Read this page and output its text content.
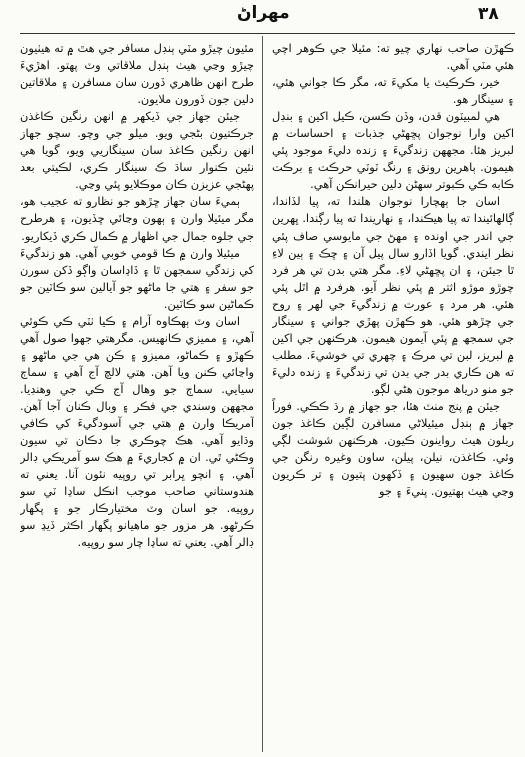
٣٨
مهراڻ

ڪهڙن صاحب نهاري چيو ته: مئيلا جي ڪوهر اچي هئي مٽي آهي.

خير، ڪرڪيٽ يا مکيءَ ته، مگر ڪا جواني هئي، ۽ سينگار هو.

هي لمبيٽون قدن، وڏن ڪسن، ڪيل اکين ۽ بنڊل اکين وارا نوجوان پڇهڻي جذبات ۽ احساسات ۾ لبريز هئا. مجھهن زندگيءَ ۽ زنده دليءَ موجود پئي ھيمون. ٻاهرين رونق ۽ رنگ ٽوٽي حرڪت ۽ برڪت ڪابه ڪي ڪبوتر سهڻن دلين حيرانڪن آهي.

اسان جا ٻهچارا نوجوان هلندا ته، پيا لڏاندا، ڳالهائيندا ته پيا هيڪندا، ۽ نهاريندا ته پيا رڳندا. ڀهرين جي اندر جي اونده ۽ مهڻ جي مايوسي صاف پئي نظر ايندي. گويا اڏارو سال پيل آن ۽ ڇڪ ۽ ٻين لاءِ ٿا جيئن، ۽ ان پڇهڻي لاءِ. مگر هتي بدن تي هر فرد چوڙو موڙو اثتر ۾ پئي نظر آيو. هرفرد ۾ اٿل پئي هئي. هر مرد ۽ عورت ۾ زندگيءَ جي لهر ۽ روح جي چڙهو هئي. هو ڪهڙن پهڙي جواني ۽ سينگار جي سمجھ ۾ پئي آيمون هيمون. هرڪنهن جي اکين ۾ لبريز، لبن تي مرڪ ۽ چهري تي خوشيءَ. مطلب ته هن ڪاري بدر جي بدن تي زندگيءَ ۽ زنده دليءَ جو منو درياھ موجون هڻي لڳو.

جيئن ۾ پنج منٽ هئا، جو جهاز ۾ رڌ ڪڪي. فوراً جهاز ۾ ٻنڊل ميئيلاڻي مسافرن لڳين ڪاغذ جون ريلون هيٺ رواينون ڪيون. هرڪنهن شوشت لڳي وئي. ڪاغذن، نيلن، پيلن، ساون وغيره رنگن جي ڪاغذ جون سهيون ۽ ڏکهون پتيون ۽ تر ڪريون وڃي هيٺ ٻهتيون. پنيءَ ۽ جو

مئيون چيڙو مٽي ٻنڊل مسافر جي هٿ ۾ ته هيٺيون چيڙو وڃي هيٺ ٻنڊل ملاقاتي وٽ پهتو. اهڙيءَ طرح انهن ظاهري ڏورن سان مسافرن ۽ ملاقاتين دلين جون ڏورون ملايون.

جيئن جهاز جي ڏيکهر ۾ انهن رنگين ڪاغذن جرڪتيون بڻجي ويو. ميلو جي وچو. سچو جهاز انهن رنگين ڪاغذ سان سينگاريي ويو، گويا هي نئين ڪنوار ساڌ ڪ سينگار ڪري، لڪيتي بعد پهڻجي عزيزن ڪان موڪلايو پئي وڃي.

ٻميءَ سان جهاز ڇڙهو جو نظارو ته عجيب هو، مگر ميئيلا وارن ۽ ٻهون وڃائي ڇڏيون، ۽ هرطرح جي جلوه جمال جي اظهار ۾ ڪمال ڪري ڏيکاريو.

ميئيلا وارن ۾ ڪا قومي خوبي آهي. هو زندگيءَ کي زندگي سمجھن ٿا ۽ ڏاڍاسان واڳو ڏکن سورن جو سفر ۽ هتي جا ماڻهو جو آيالين سو ڪاٽين جو ڪماڻين سو ڪاٽين.

اسان وٽ ٻهڪاوه آرام ۽ ڪيا ٺٽي ڪي ڪوئي آهي، ۽ مميزي ڪانهيس. مگرهتي جهوا صول آهي ڪهڙو ۽ ڪماڻو، مميزو ۽ ڪن هي جي ماڻهو ۽ واڃائي ڪنن ويا آهن. هتي لالچ آج آهي ۽ سماڄ سيايي. سماڄ جو وهال آج ڪي جي وهنڊيا. مجھهن وسندي جي فڪر ۽ وبال ڪنان آجا آهن. آمريڪا وارن ۾ هتي جي آسودگيءَ کي ڪافي وڌايو آهي. هڪ چوڪري جا دڪان تي سيون وڪڻي ٿي. ان ۾ کجاريءَ ۾ هڪ سو آمريڪي ڊالر آهي. ۽ انچو ڀرابر تي روپيه نئون آنا. يعني ته هندوستاني صاحب موجب انڪل ساڍا ٽي سو روپيه. جو اسان وٽ مختيارڪار جو ۽ پگهار ڪرڻهو. هر مزور جو ماهيانو پگهار اڪثر ڏيڍ سو ڊالر آهي. يعني ته ساڍا چار سو روپيه.
